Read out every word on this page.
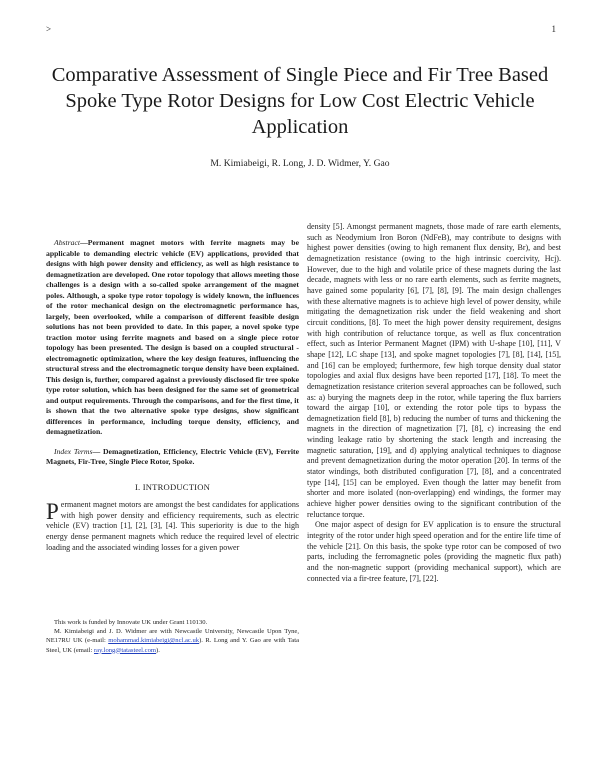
>	1
Comparative Assessment of Single Piece and Fir Tree Based Spoke Type Rotor Designs for Low Cost Electric Vehicle Application
M. Kimiabeigi, R. Long, J. D. Widmer, Y. Gao

Abstract—Permanent magnet motors with ferrite magnets may be applicable to demanding electric vehicle (EV) applications, provided that designs with high power density and efficiency, as well as high resistance to demagnetization are developed. One rotor topology that allows meeting those challenges is a design with a so-called spoke arrangement of the magnet poles. Although, a spoke type rotor topology is widely known, the influences of the rotor mechanical design on the electromagnetic performance has, largely, been overlooked, while a comparison of different feasible design solutions has not been provided to date. In this paper, a novel spoke type traction motor using ferrite magnets and based on a single piece rotor topology has been presented. The design is based on a coupled structural - electromagnetic optimization, where the key design features, influencing the structural stress and the electromagnetic torque density have been explained. This design is, further, compared against a previously disclosed fir tree spoke type rotor solution, which has been designed for the same set of geometrical and output requirements. Through the comparisons, and for the first time, it is shown that the two alternative spoke type designs, show significant differences in performance, including torque density, efficiency, and demagnetization.

Index Terms— Demagnetization, Efficiency, Electric Vehicle (EV), Ferrite Magnets, Fir-Tree, Single Piece Rotor, Spoke.

I. INTRODUCTION

Permanent magnet motors are amongst the best candidates for applications with high power density and efficiency requirements, such as electric vehicle (EV) traction [1], [2], [3], [4]. This superiority is due to the high energy dense permanent magnets which reduce the required level of electric loading and the associated winding losses for a given power

This work is funded by Innovate UK under Grant 110130.

M. Kimiabeigi and J. D. Widmer are with Newcastle University, Newcastle Upon Tyne, NE17RU UK (e-mail: mohammad.kimiabeigi@ncl.ac.uk). R. Long and Y. Gao are with Tata Steel, UK (email: ray.long@tatasteel.com).

density [5]. Amongst permanent magnets, those made of rare earth elements, such as Neodymium Iron Boron (NdFeB), may contribute to designs with highest power densities (owing to high remanent flux density, Br), and best demagnetization resistance (owing to the high intrinsic coercivity, Hcj). However, due to the high and volatile price of these magnets during the last decade, magnets with less or no rare earth elements, such as ferrite magnets, have gained some popularity [6], [7], [8], [9]. The main design challenges with these alternative magnets is to achieve high level of power density, while mitigating the demagnetization risk under the field weakening and short circuit conditions, [8]. To meet the high power density requirement, designs with high contribution of reluctance torque, as well as flux concentration effect, such as Interior Permanent Magnet (IPM) with U-shape [10], [11], V shape [12], LC shape [13], and spoke magnet topologies [7], [8], [14], [15], and [16] can be employed; furthermore, few high torque density dual stator topologies and axial flux designs have been reported [17], [18]. To meet the demagnetization resistance criterion several approaches can be followed, such as: a) burying the magnets deep in the rotor, while tapering the flux barriers toward the airgap [10], or extending the rotor pole tips to bypass the demagnetization field [8], b) reducing the number of turns and thickening the magnets in the direction of magnetization [7], [8], c) increasing the end winding leakage ratio by shortening the stack length and increasing the magnetic saturation, [19], and d) applying analytical techniques to diagnose and prevent demagnetization during the motor operation [20]. In terms of the stator windings, both distributed configuration [7], [8], and a concentrated type [14], [15] can be employed. Even though the latter may benefit from shorter and more isolated (non-overlapping) end windings, the former may achieve higher power densities owing to the significant contribution of the reluctance torque.

One major aspect of design for EV application is to ensure the structural integrity of the rotor under high speed operation and for the entire life time of the vehicle [21]. On this basis, the spoke type rotor can be composed of two parts, including the ferromagnetic poles (providing the magnetic flux path) and the non-magnetic support (providing mechanical support), which are connected via a fir-tree feature, [7], [22].
